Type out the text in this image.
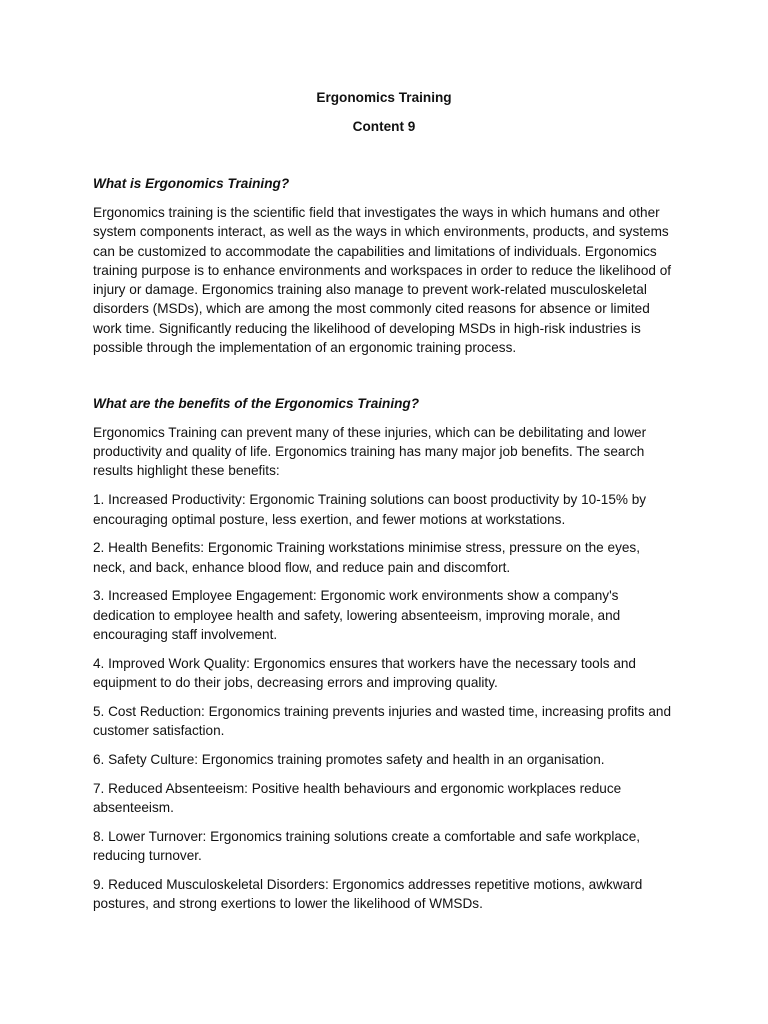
Ergonomics Training
Content 9
What is Ergonomics Training?

Ergonomics training is the scientific field that investigates the ways in which humans and other system components interact, as well as the ways in which environments, products, and systems can be customized to accommodate the capabilities and limitations of individuals. Ergonomics training purpose is to enhance environments and workspaces in order to reduce the likelihood of injury or damage. Ergonomics training also manage to prevent work-related musculoskeletal disorders (MSDs), which are among the most commonly cited reasons for absence or limited work time. Significantly reducing the likelihood of developing MSDs in high-risk industries is possible through the implementation of an ergonomic training process.

What are the benefits of the Ergonomics Training?

Ergonomics Training can prevent many of these injuries, which can be debilitating and lower productivity and quality of life. Ergonomics training has many major job benefits. The search results highlight these benefits:

1. Increased Productivity: Ergonomic Training solutions can boost productivity by 10-15% by encouraging optimal posture, less exertion, and fewer motions at workstations.

2. Health Benefits: Ergonomic Training workstations minimise stress, pressure on the eyes, neck, and back, enhance blood flow, and reduce pain and discomfort.

3. Increased Employee Engagement: Ergonomic work environments show a company's dedication to employee health and safety, lowering absenteeism, improving morale, and encouraging staff involvement.

4. Improved Work Quality: Ergonomics ensures that workers have the necessary tools and equipment to do their jobs, decreasing errors and improving quality.

5. Cost Reduction: Ergonomics training prevents injuries and wasted time, increasing profits and customer satisfaction.

6. Safety Culture: Ergonomics training promotes safety and health in an organisation.

7. Reduced Absenteeism: Positive health behaviours and ergonomic workplaces reduce absenteeism.

8. Lower Turnover: Ergonomics training solutions create a comfortable and safe workplace, reducing turnover.

9. Reduced Musculoskeletal Disorders: Ergonomics addresses repetitive motions, awkward postures, and strong exertions to lower the likelihood of WMSDs.
